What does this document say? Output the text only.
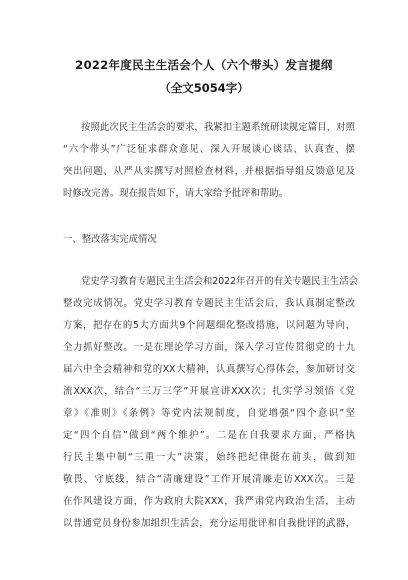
2022年度民主生活会个人（六个带头）发言提纲
（全文5054字）
按照此次民主生活会的要求，我紧扣主题系统研读规定篇目，对照
“六个带头”广泛征求群众意见、深入开展谈心谈话、认真查、摆
突出问题、从严从实撰写对照检查材料，并根据指导组反馈意见及
时修改完善。现在报告如下，请大家给予批评和帮助。
一、整改落实完成情况
党史学习教育专题民主生活会和2022年召开的有关专题民主生活会
整改完成情况。党史学习教育专题民主生活会后，我认真制定整改
方案，把存在的5大方面共9个问题细化整改措施，以问题为导向，
全力抓好整改。一是在理论学习方面，深入学习宣传贯彻党的十九
届六中全会精神和党的XX大精神，认真撰写心得体会，参加研讨交
流XXX次，结合“三万三学”开展宣讲XXX次；扎实学习领悟《党
章》《准则》《条例》等党内法规制度，自觉增强“四个意识”坚
定“四个自信”做到“两个维护”。二是在自我要求方面，严格执
行民主集中制“三重一大”决策，始终把纪律挺在前头，做到知
敬畏、守底线，结合“清廉建设”工作开展清廉走访XXX次。三是
在作风建设方面，作为政府大院XXX，我严肃党内政治生活，主动
以普通党员身份参加组织生活会，充分运用批评和自我批评的武器，
